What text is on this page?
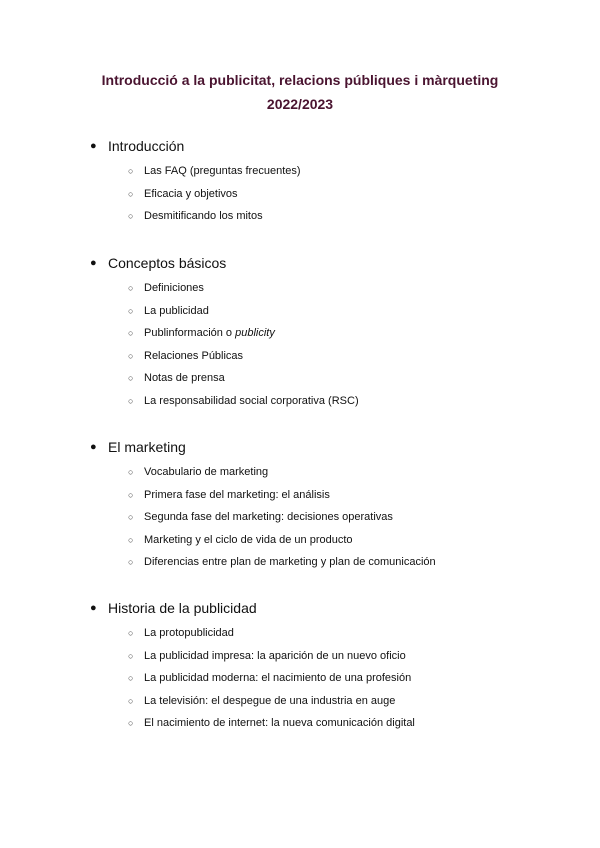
Introducció a la publicitat, relacions públiques i màrqueting
2022/2023
● Introducción
○ Las FAQ (preguntas frecuentes)
○ Eficacia y objetivos
○ Desmitificando los mitos
● Conceptos básicos
○ Definiciones
○ La publicidad
○ Publinformación o publicity
○ Relaciones Públicas
○ Notas de prensa
○ La responsabilidad social corporativa (RSC)
● El marketing
○ Vocabulario de marketing
○ Primera fase del marketing: el análisis
○ Segunda fase del marketing: decisiones operativas
○ Marketing y el ciclo de vida de un producto
○ Diferencias entre plan de marketing y plan de comunicación
● Historia de la publicidad
○ La protopublicidad
○ La publicidad impresa: la aparición de un nuevo oficio
○ La publicidad moderna: el nacimiento de una profesión
○ La televisión: el despegue de una industria en auge
○ El nacimiento de internet: la nueva comunicación digital
